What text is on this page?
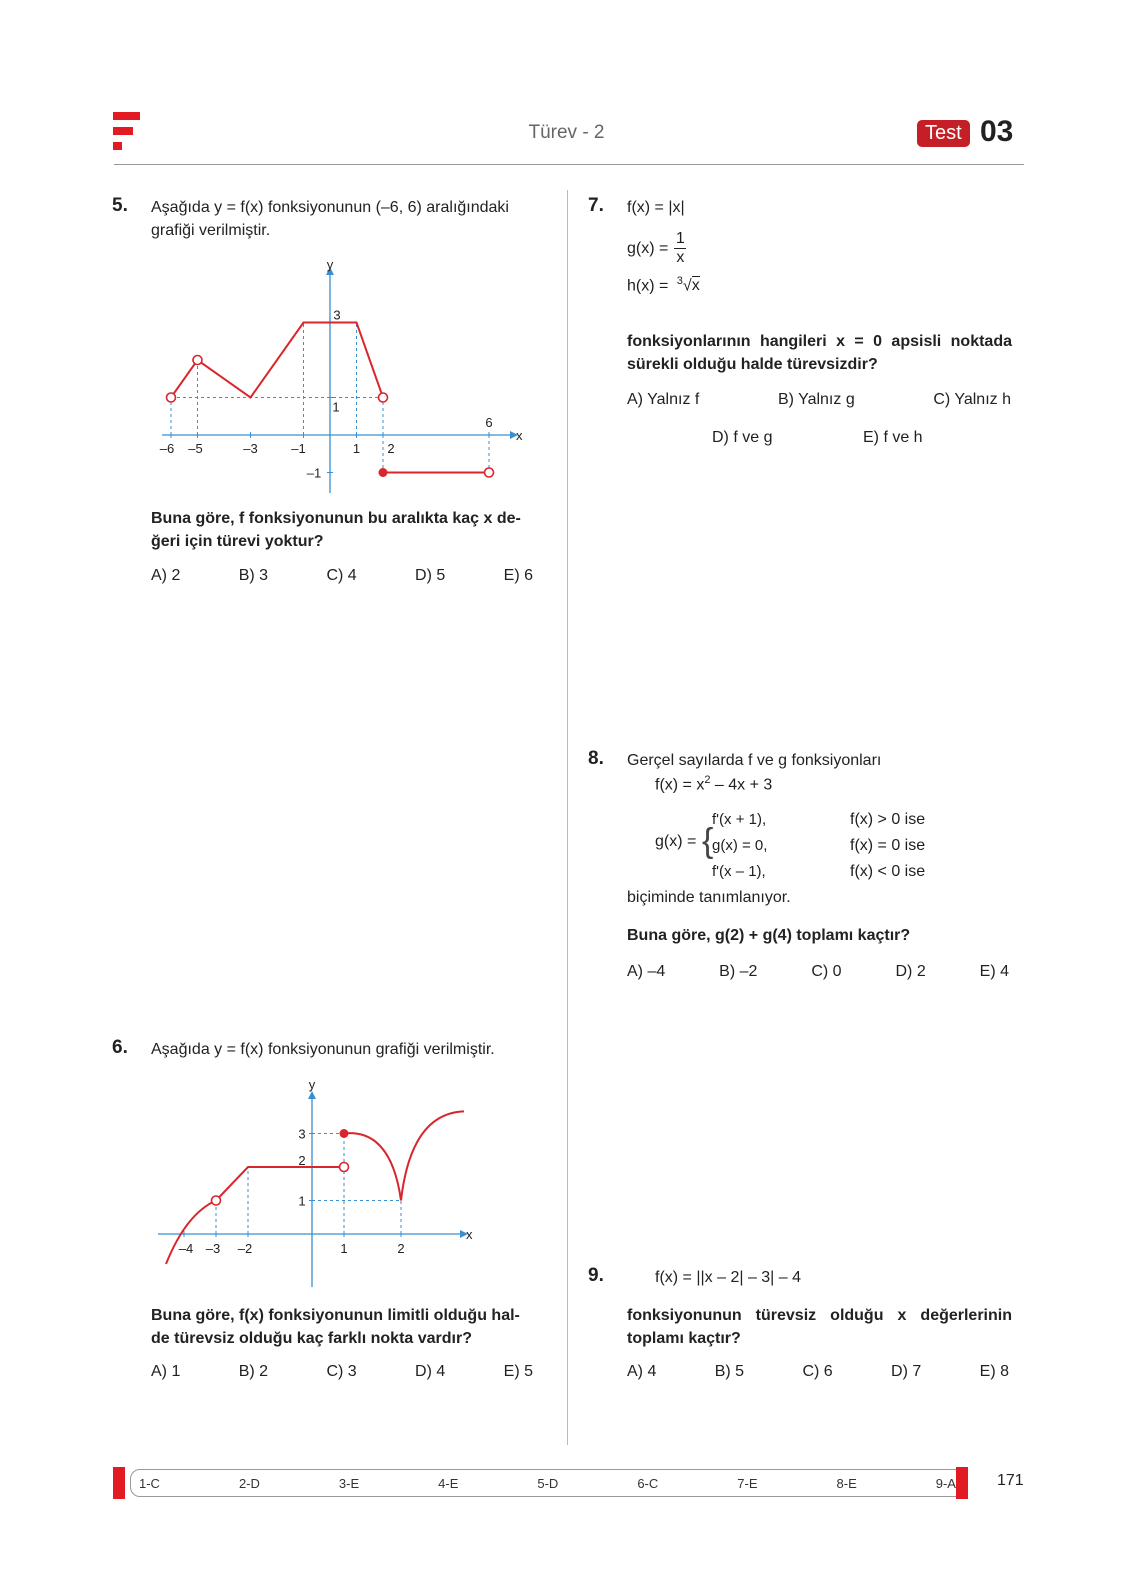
Türev - 2	Test 03
5. Aşağıda y = f(x) fonksiyonunun (–6, 6) aralığındaki
grafiği verilmiştir.
y
x
–6 –5	–3	–1	1 2
6
3
1
–1
Buna göre, f fonksiyonunun bu aralıkta kaç x de-
ğeri için türevi yoktur?
A) 2	B) 3	C) 4	D) 5	E) 6
6. Aşağıda y = f(x) fonksiyonunun grafiği verilmiştir.
y
x
–4 –3 –2	1	2
3
2
1
Buna göre, f(x) fonksiyonunun limitli olduğu hal-
de türevsiz olduğu kaç farklı nokta vardır?
A) 1	B) 2	C) 3	D) 4	E) 5
7. f(x) = |x|
$g(x) = \frac{1}{x}$
h(x) = $^3$√x
fonksiyonlarının hangileri x = 0 apsisli noktada
sürekli olduğu halde türevsizdir?
A) Yalnız f	B) Yalnız g	C) Yalnız h
D) f ve g	E) f ve h
8. Gerçel sayılarda f ve g fonksiyonları
$f(x) = x^2 - 4x + 3$
g(x) = {
f'(x + 1),
g(x) = 0,
f'(x – 1),
f(x) > 0 ise
f(x) = 0 ise
f(x) < 0 ise
biçiminde tanımlanıyor.
Buna göre, g(2) + g(4) toplamı kaçtır?
A) –4	B) –2	C) 0	D) 2	E) 4
9.	f(x) = ||x – 2| – 3| – 4
fonksiyonunun türevsiz olduğu x değerlerinin
toplamı kaçtır?
A) 4	B) 5	C) 6	D) 7	E) 8
1-C	2-D	3-E	4-E	5-D	6-C	7-E	8-E	9-A	171
